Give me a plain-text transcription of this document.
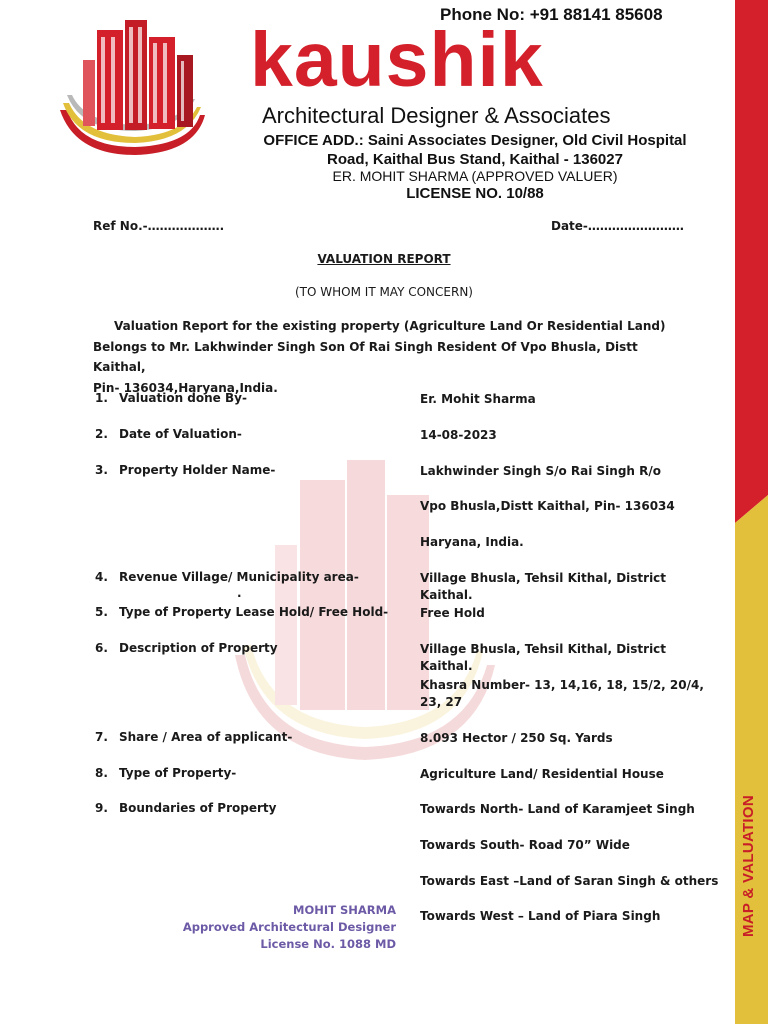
MAP & VALUATION
Phone No: +91 88141 85608
kaushik
Architectural Designer & Associates
OFFICE ADD.: Saini Associates Designer, Old Civil Hospital
Road, Kaithal Bus Stand, Kaithal - 136027
ER. MOHIT SHARMA (APPROVED VALUER)
LICENSE NO. 10/88
Ref No.-……………….	Date-……………………
VALUATION REPORT
(TO WHOM IT MAY CONCERN)
Valuation Report for the existing property (Agriculture Land Or Residential Land)
Belongs to Mr. Lakhwinder Singh Son Of Rai Singh Resident Of Vpo Bhusla, Distt Kaithal,
Pin- 136034,Haryana,India.
1. Valuation done By-	Er. Mohit Sharma
2. Date of Valuation-	14-08-2023
3. Property Holder Name-	Lakhwinder Singh S/o Rai Singh R/o
Vpo Bhusla,Distt Kaithal, Pin- 136034
Haryana, India.
4. Revenue Village/ Municipality area-	Village Bhusla, Tehsil Kithal, District Kaithal.
.
5. Type of Property Lease Hold/ Free Hold-	Free Hold
6. Description of Property	Village Bhusla, Tehsil Kithal, District Kaithal.
Khasra Number- 13, 14,16, 18, 15/2, 20/4, 23, 27
7. Share / Area of applicant-	8.093 Hector / 250 Sq. Yards
8. Type of Property-	Agriculture Land/ Residential House
9. Boundaries of Property	Towards North- Land of Karamjeet Singh
Towards South- Road 70” Wide
Towards East –Land of Saran Singh & others
Towards West – Land of Piara Singh
MOHIT SHARMA
Approved Architectural Designer
License No. 1088 MD
